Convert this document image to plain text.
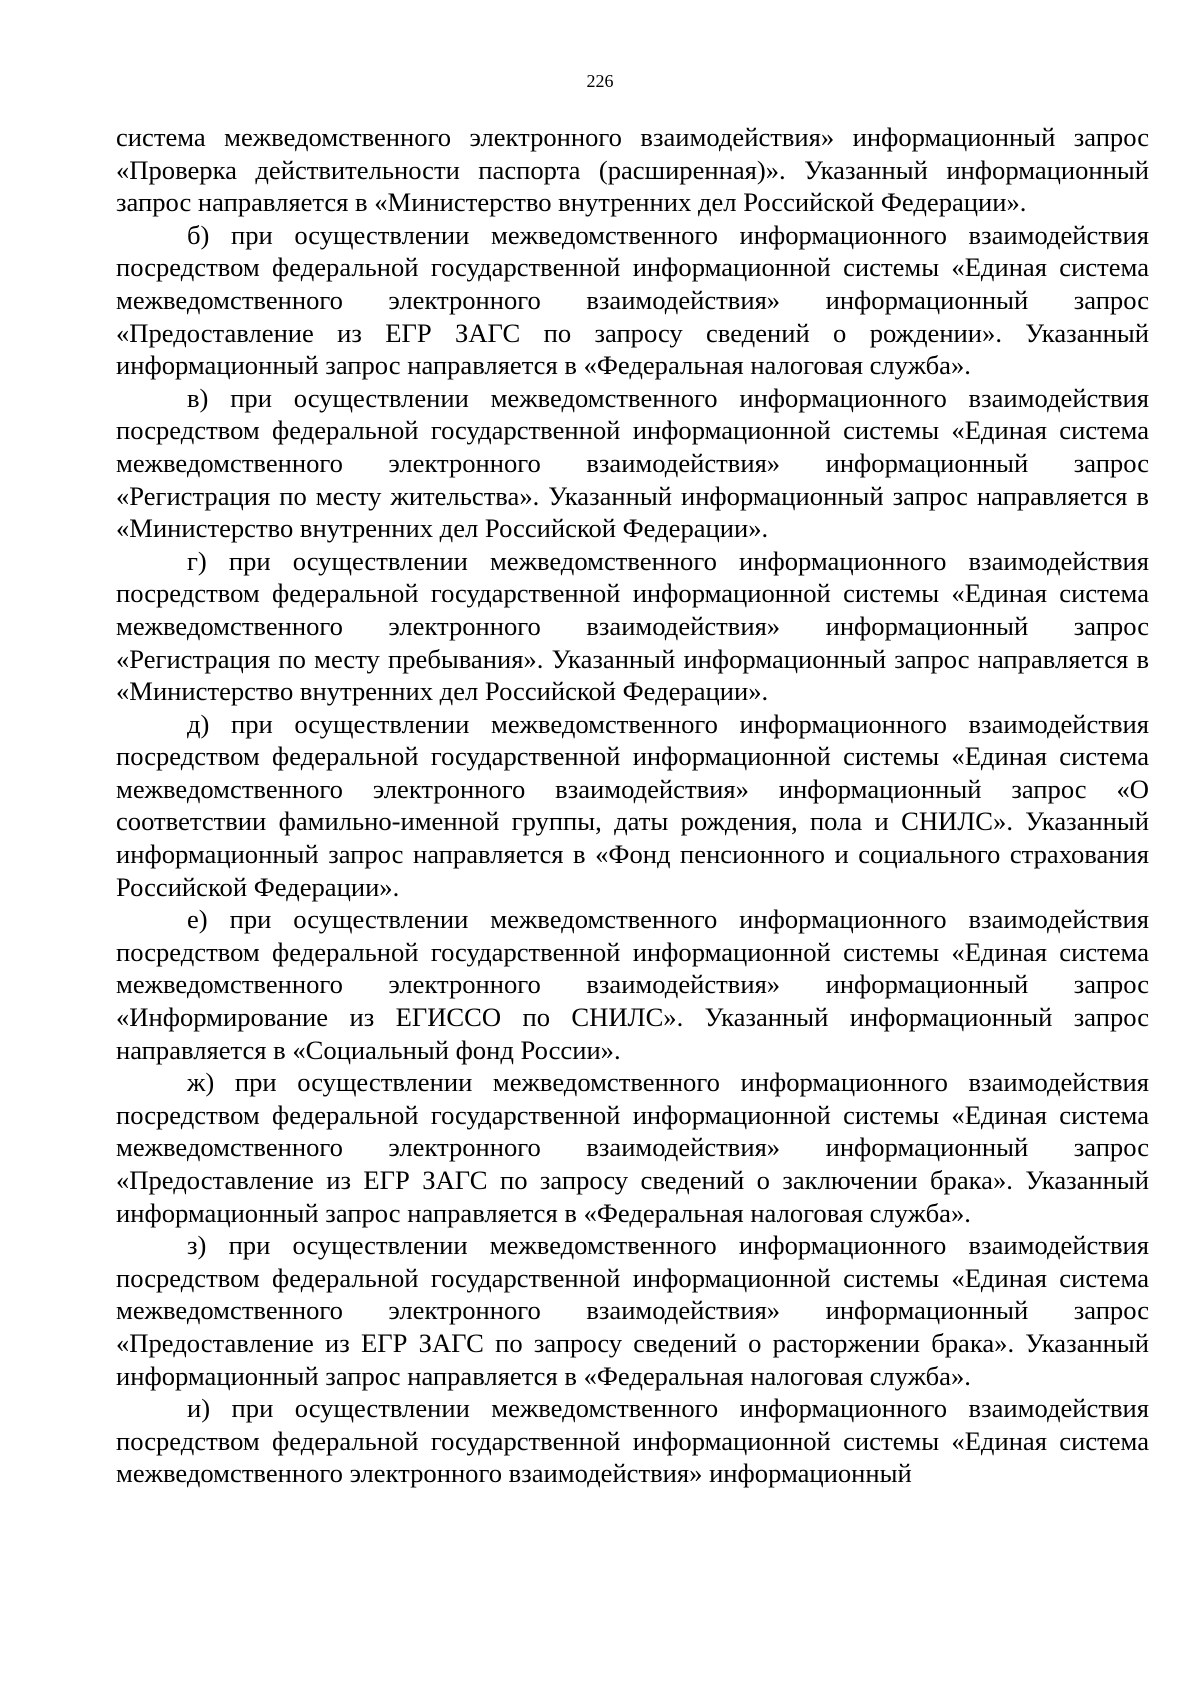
226

система межведомственного электронного взаимодействия» информационный запрос «Проверка действительности паспорта (расширенная)». Указанный информационный запрос направляется в «Министерство внутренних дел Российской Федерации».

б) при осуществлении межведомственного информационного взаимодействия посредством федеральной государственной информационной системы «Единая система межведомственного электронного взаимодействия» информационный запрос «Предоставление из ЕГР ЗАГС по запросу сведений о рождении». Указанный информационный запрос направляется в «Федеральная налоговая служба».

в) при осуществлении межведомственного информационного взаимодействия посредством федеральной государственной информационной системы «Единая система межведомственного электронного взаимодействия» информационный запрос «Регистрация по месту жительства». Указанный информационный запрос направляется в «Министерство внутренних дел Российской Федерации».

г) при осуществлении межведомственного информационного взаимодействия посредством федеральной государственной информационной системы «Единая система межведомственного электронного взаимодействия» информационный запрос «Регистрация по месту пребывания». Указанный информационный запрос направляется в «Министерство внутренних дел Российской Федерации».

д) при осуществлении межведомственного информационного взаимодействия посредством федеральной государственной информационной системы «Единая система межведомственного электронного взаимодействия» информационный запрос «О соответствии фамильно-именной группы, даты рождения, пола и СНИЛС». Указанный информационный запрос направляется в «Фонд пенсионного и социального страхования Российской Федерации».

е) при осуществлении межведомственного информационного взаимодействия посредством федеральной государственной информационной системы «Единая система межведомственного электронного взаимодействия» информационный запрос «Информирование из ЕГИССО по СНИЛС». Указанный информационный запрос направляется в «Социальный фонд России».

ж) при осуществлении межведомственного информационного взаимодействия посредством федеральной государственной информационной системы «Единая система межведомственного электронного взаимодействия» информационный запрос «Предоставление из ЕГР ЗАГС по запросу сведений о заключении брака». Указанный информационный запрос направляется в «Федеральная налоговая служба».

з) при осуществлении межведомственного информационного взаимодействия посредством федеральной государственной информационной системы «Единая система межведомственного электронного взаимодействия» информационный запрос «Предоставление из ЕГР ЗАГС по запросу сведений о расторжении брака». Указанный информационный запрос направляется в «Федеральная налоговая служба».

и) при осуществлении межведомственного информационного взаимодействия посредством федеральной государственной информационной системы «Единая система межведомственного электронного взаимодействия» информационный
